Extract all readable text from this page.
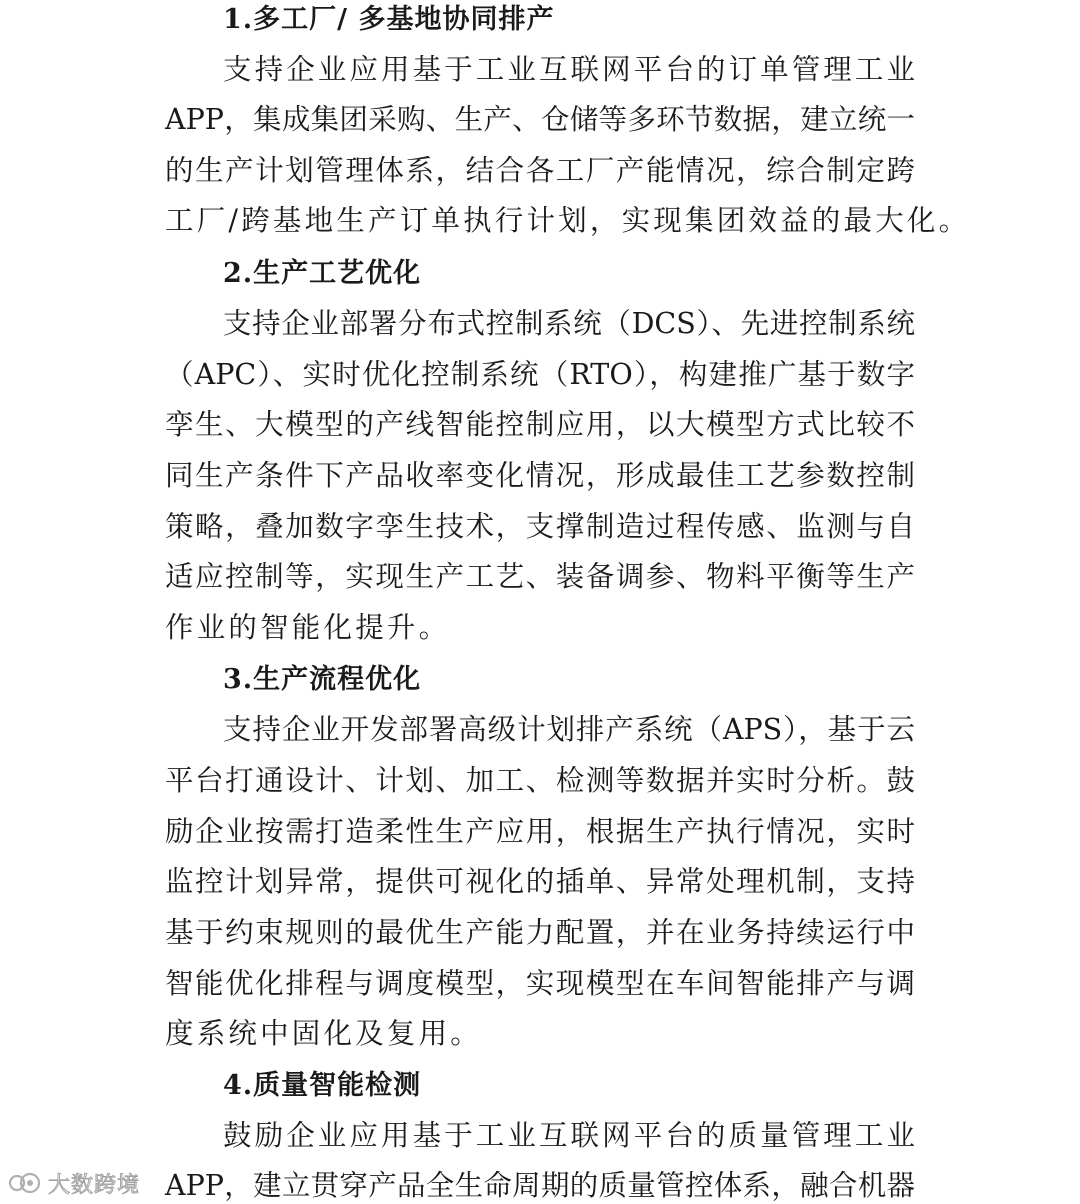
1.多工厂/ 多基地协同排产
支持企业应用基于工业互联网平台的订单管理工业
APP，集成集团采购、生产、仓储等多环节数据，建立统一
的生产计划管理体系，结合各工厂产能情况，综合制定跨
工厂/跨基地生产订单执行计划，实现集团效益的最大化。
2.生产工艺优化
支持企业部署分布式控制系统（DCS）、先进控制系统
（APC）、实时优化控制系统（RTO），构建推广基于数字
孪生、大模型的产线智能控制应用，以大模型方式比较不
同生产条件下产品收率变化情况，形成最佳工艺参数控制
策略，叠加数字孪生技术，支撑制造过程传感、监测与自
适应控制等，实现生产工艺、装备调参、物料平衡等生产
作业的智能化提升。
3.生产流程优化
支持企业开发部署高级计划排产系统（APS），基于云
平台打通设计、计划、加工、检测等数据并实时分析。鼓
励企业按需打造柔性生产应用，根据生产执行情况，实时
监控计划异常，提供可视化的插单、异常处理机制，支持
基于约束规则的最优生产能力配置，并在业务持续运行中
智能优化排程与调度模型，实现模型在车间智能排产与调
度系统中固化及复用。
4.质量智能检测
鼓励企业应用基于工业互联网平台的质量管理工业
APP，建立贯穿产品全生命周期的质量管控体系，融合机器
大数跨境
